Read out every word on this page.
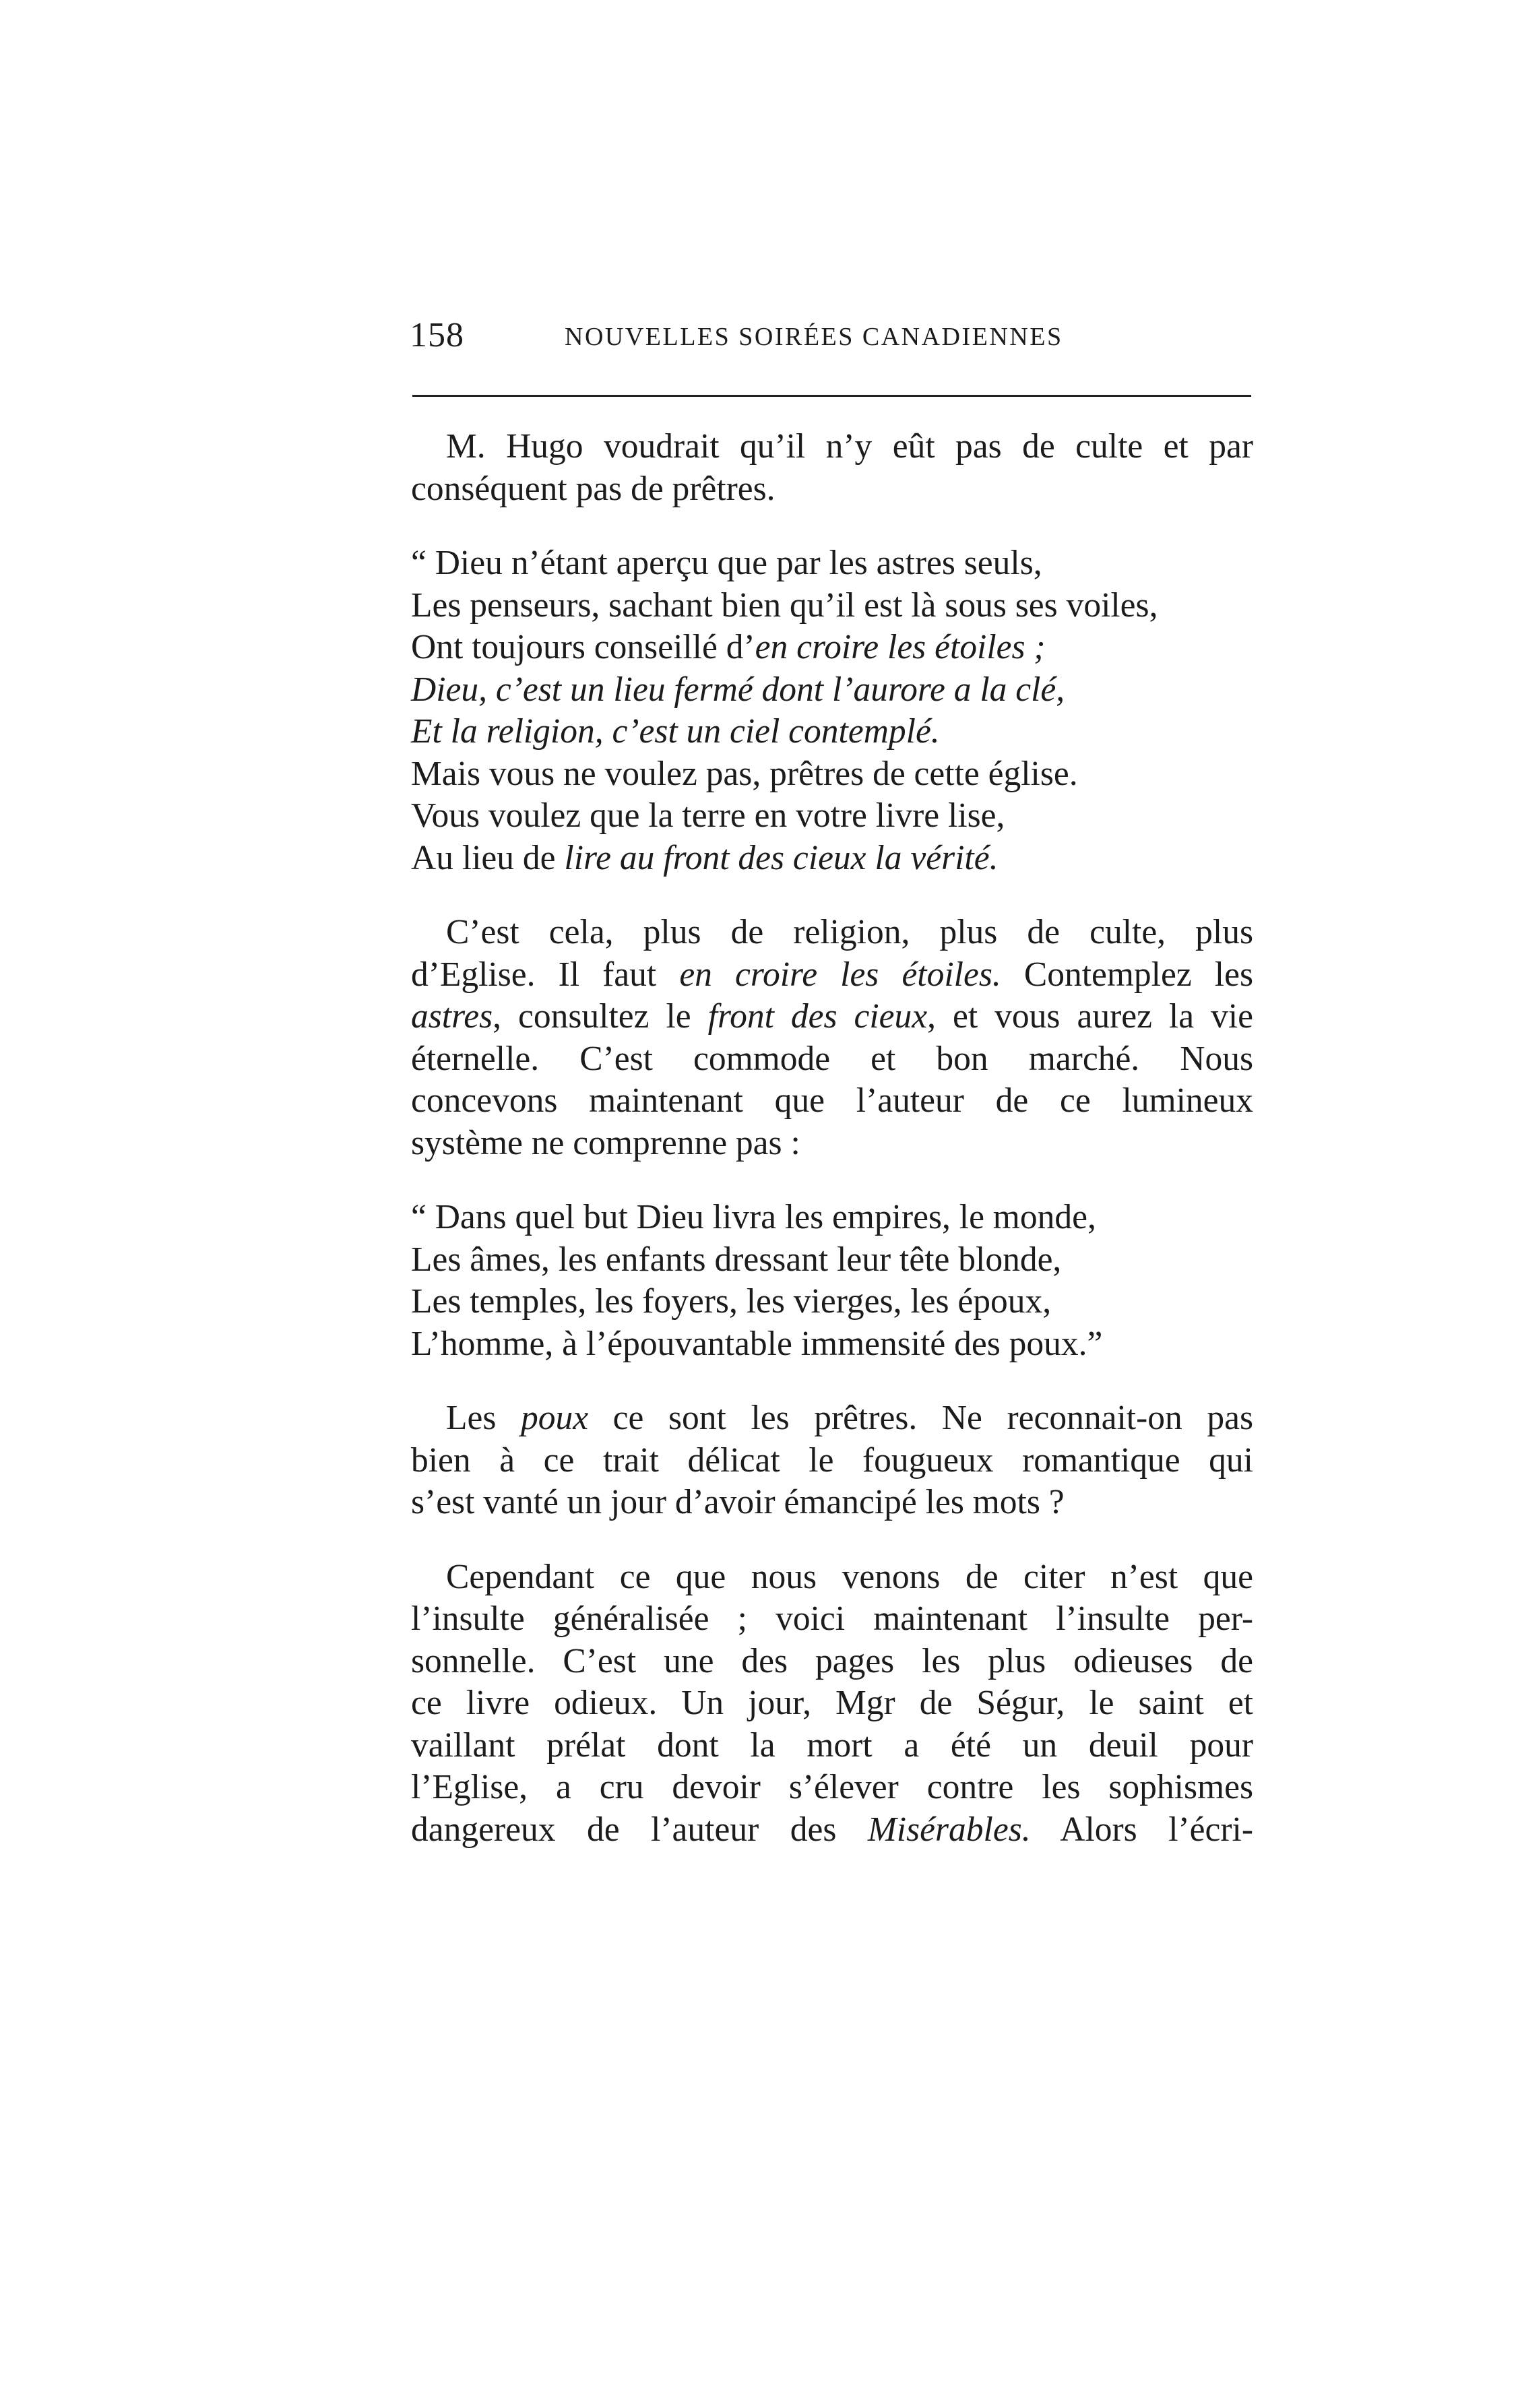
158	NOUVELLES SOIRÉES CANADIENNES
M. Hugo voudrait qu’il n’y eût pas de culte et par
conséquent pas de prêtres.
“ Dieu n’étant aperçu que par les astres seuls,
Les penseurs, sachant bien qu’il est là sous ses voiles,
Ont toujours conseillé d’en croire les étoiles ;
Dieu, c’est un lieu fermé dont l’aurore a la clé,
Et la religion, c’est un ciel contemplé.
Mais vous ne voulez pas, prêtres de cette église.
Vous voulez que la terre en votre livre lise,
Au lieu de lire au front des cieux la vérité.
C’est cela, plus de religion, plus de culte, plus
d’Eglise. Il faut en croire les étoiles. Contemplez les
astres, consultez le front des cieux, et vous aurez la vie
éternelle. C’est commode et bon marché. Nous
concevons maintenant que l’auteur de ce lumineux
système ne comprenne pas :
“ Dans quel but Dieu livra les empires, le monde,
Les âmes, les enfants dressant leur tête blonde,
Les temples, les foyers, les vierges, les époux,
L’homme, à l’épouvantable immensité des poux.”
Les poux ce sont les prêtres. Ne reconnait-on pas
bien à ce trait délicat le fougueux romantique qui
s’est vanté un jour d’avoir émancipé les mots ?
Cependant ce que nous venons de citer n’est que
l’insulte généralisée ; voici maintenant l’insulte per-
sonnelle. C’est une des pages les plus odieuses de
ce livre odieux. Un jour, Mgr de Ségur, le saint et
vaillant prélat dont la mort a été un deuil pour
l’Eglise, a cru devoir s’élever contre les sophismes
dangereux de l’auteur des Misérables. Alors l’écri-
